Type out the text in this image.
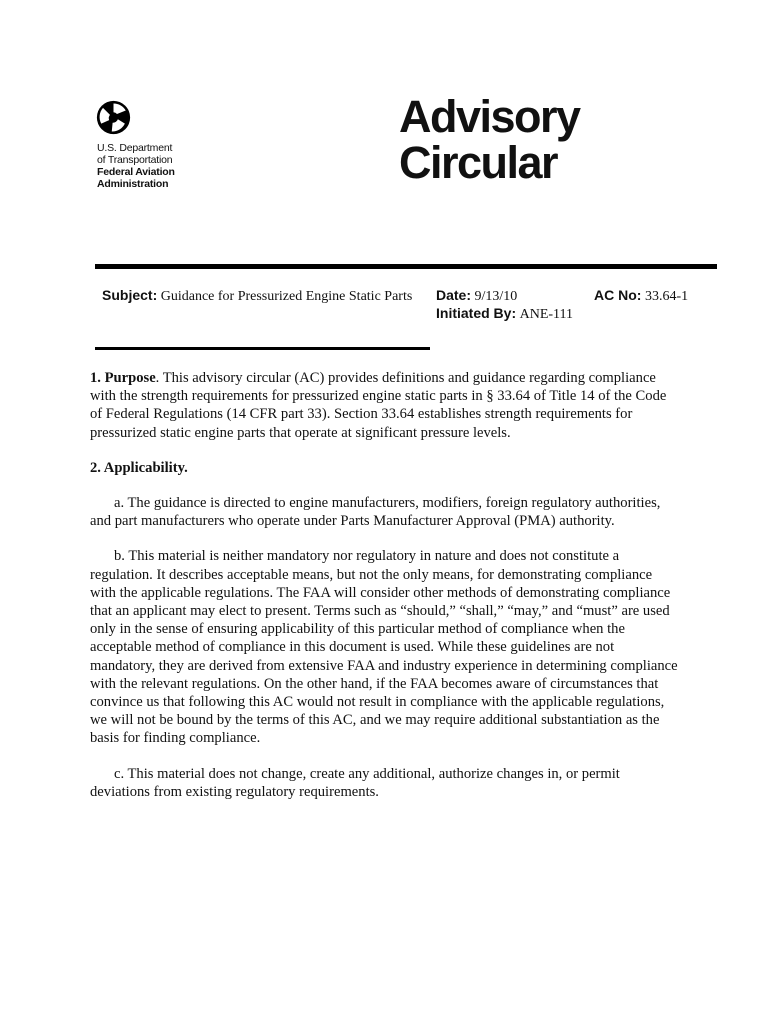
U.S. Department
of Transportation
Federal Aviation
Administration
Advisory
Circular
Subject: Guidance for Pressurized Engine Static Parts	Date: 9/13/10
Initiated By: ANE-111
AC No: 33.64-1

1. Purpose. This advisory circular (AC) provides definitions and guidance regarding compliance with the strength requirements for pressurized engine static parts in § 33.64 of Title 14 of the Code of Federal Regulations (14 CFR part 33). Section 33.64 establishes strength requirements for pressurized static engine parts that operate at significant pressure levels.

2. Applicability.

a. The guidance is directed to engine manufacturers, modifiers, foreign regulatory authorities, and part manufacturers who operate under Parts Manufacturer Approval (PMA) authority.

b. This material is neither mandatory nor regulatory in nature and does not constitute a regulation. It describes acceptable means, but not the only means, for demonstrating compliance with the applicable regulations. The FAA will consider other methods of demonstrating compliance that an applicant may elect to present. Terms such as “should,” “shall,” “may,” and “must” are used only in the sense of ensuring applicability of this particular method of compliance when the acceptable method of compliance in this document is used. While these guidelines are not mandatory, they are derived from extensive FAA and industry experience in determining compliance with the relevant regulations. On the other hand, if the FAA becomes aware of circumstances that convince us that following this AC would not result in compliance with the applicable regulations, we will not be bound by the terms of this AC, and we may require additional substantiation as the basis for finding compliance.

c. This material does not change, create any additional, authorize changes in, or permit deviations from existing regulatory requirements.
